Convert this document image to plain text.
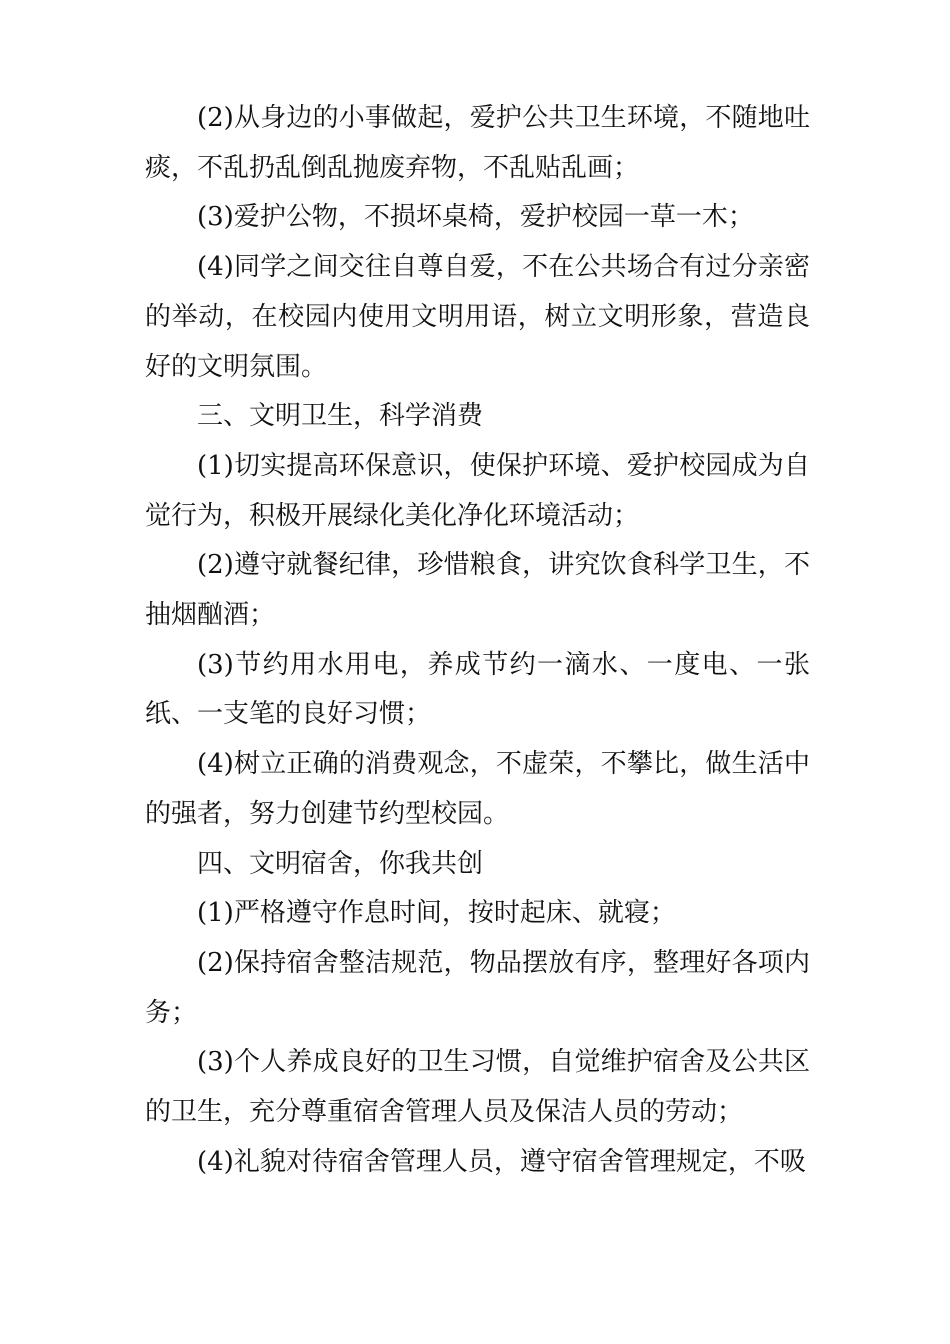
(2)从身边的小事做起，爱护公共卫生环境，不随地吐痰，不乱扔乱倒乱抛废弃物，不乱贴乱画；

(3)爱护公物，不损坏桌椅，爱护校园一草一木；

(4)同学之间交往自尊自爱，不在公共场合有过分亲密的举动，在校园内使用文明用语，树立文明形象，营造良好的文明氛围。

三、文明卫生，科学消费

(1)切实提高环保意识，使保护环境、爱护校园成为自觉行为，积极开展绿化美化净化环境活动；

(2)遵守就餐纪律，珍惜粮食，讲究饮食科学卫生，不抽烟酗酒；

(3)节约用水用电，养成节约一滴水、一度电、一张纸、一支笔的良好习惯；

(4)树立正确的消费观念，不虚荣，不攀比，做生活中的强者，努力创建节约型校园。

四、文明宿舍，你我共创

(1)严格遵守作息时间，按时起床、就寝；

(2)保持宿舍整洁规范，物品摆放有序，整理好各项内务；

(3)个人养成良好的卫生习惯，自觉维护宿舍及公共区的卫生，充分尊重宿舍管理人员及保洁人员的劳动；

(4)礼貌对待宿舍管理人员，遵守宿舍管理规定，不吸
